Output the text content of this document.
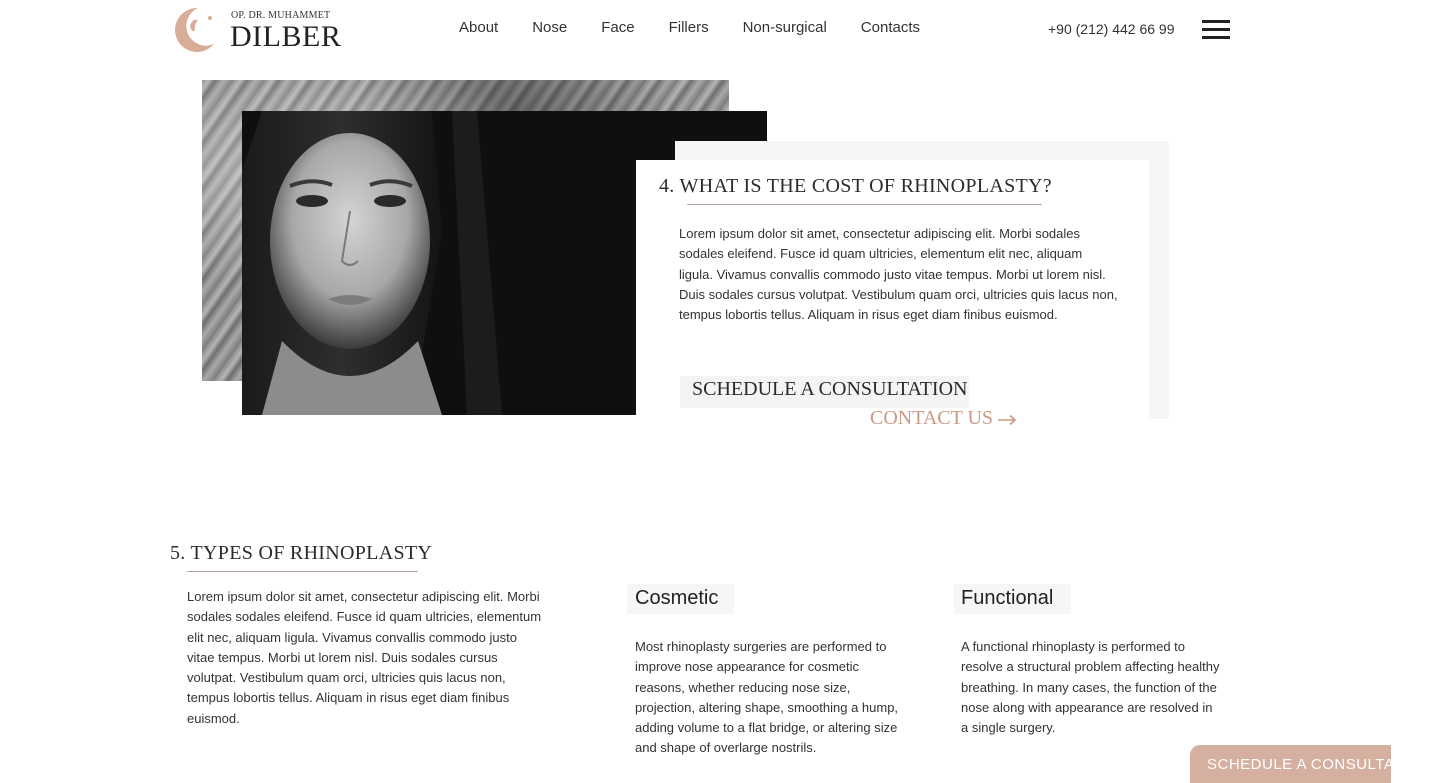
OP. DR. MUHAMMET
DILBER	About Nose Face Fillers Non-surgical Contacts	+90 (212) 442 66 99
4. WHAT IS THE COST OF RHINOPLASTY?

Lorem ipsum dolor sit amet, consectetur adipiscing elit. Morbi sodales sodales eleifend. Fusce id quam ultricies, elementum elit nec, aliquam ligula. Vivamus convallis commodo justo vitae tempus. Morbi ut lorem nisl. Duis sodales cursus volutpat. Vestibulum quam orci, ultricies quis lacus non, tempus lobortis tellus. Aliquam in risus eget diam finibus euismod.

SCHEDULE A CONSULTATION
CONTACT US
5. TYPES OF RHINOPLASTY

Lorem ipsum dolor sit amet, consectetur adipiscing elit. Morbi sodales sodales eleifend. Fusce id quam ultricies, elementum elit nec, aliquam ligula. Vivamus convallis commodo justo vitae tempus. Morbi ut lorem nisl. Duis sodales cursus volutpat. Vestibulum quam orci, ultricies quis lacus non, tempus lobortis tellus. Aliquam in risus eget diam finibus euismod.

Cosmetic

Most rhinoplasty surgeries are performed to improve nose appearance for cosmetic reasons, whether reducing nose size, projection, altering shape, smoothing a hump, adding volume to a flat bridge, or altering size and shape of overlarge nostrils.

Functional

A functional rhinoplasty is performed to resolve a structural problem affecting healthy breathing. In many cases, the function of the nose along with appearance are resolved in a single surgery.

SCHEDULE A CONSULTATION
